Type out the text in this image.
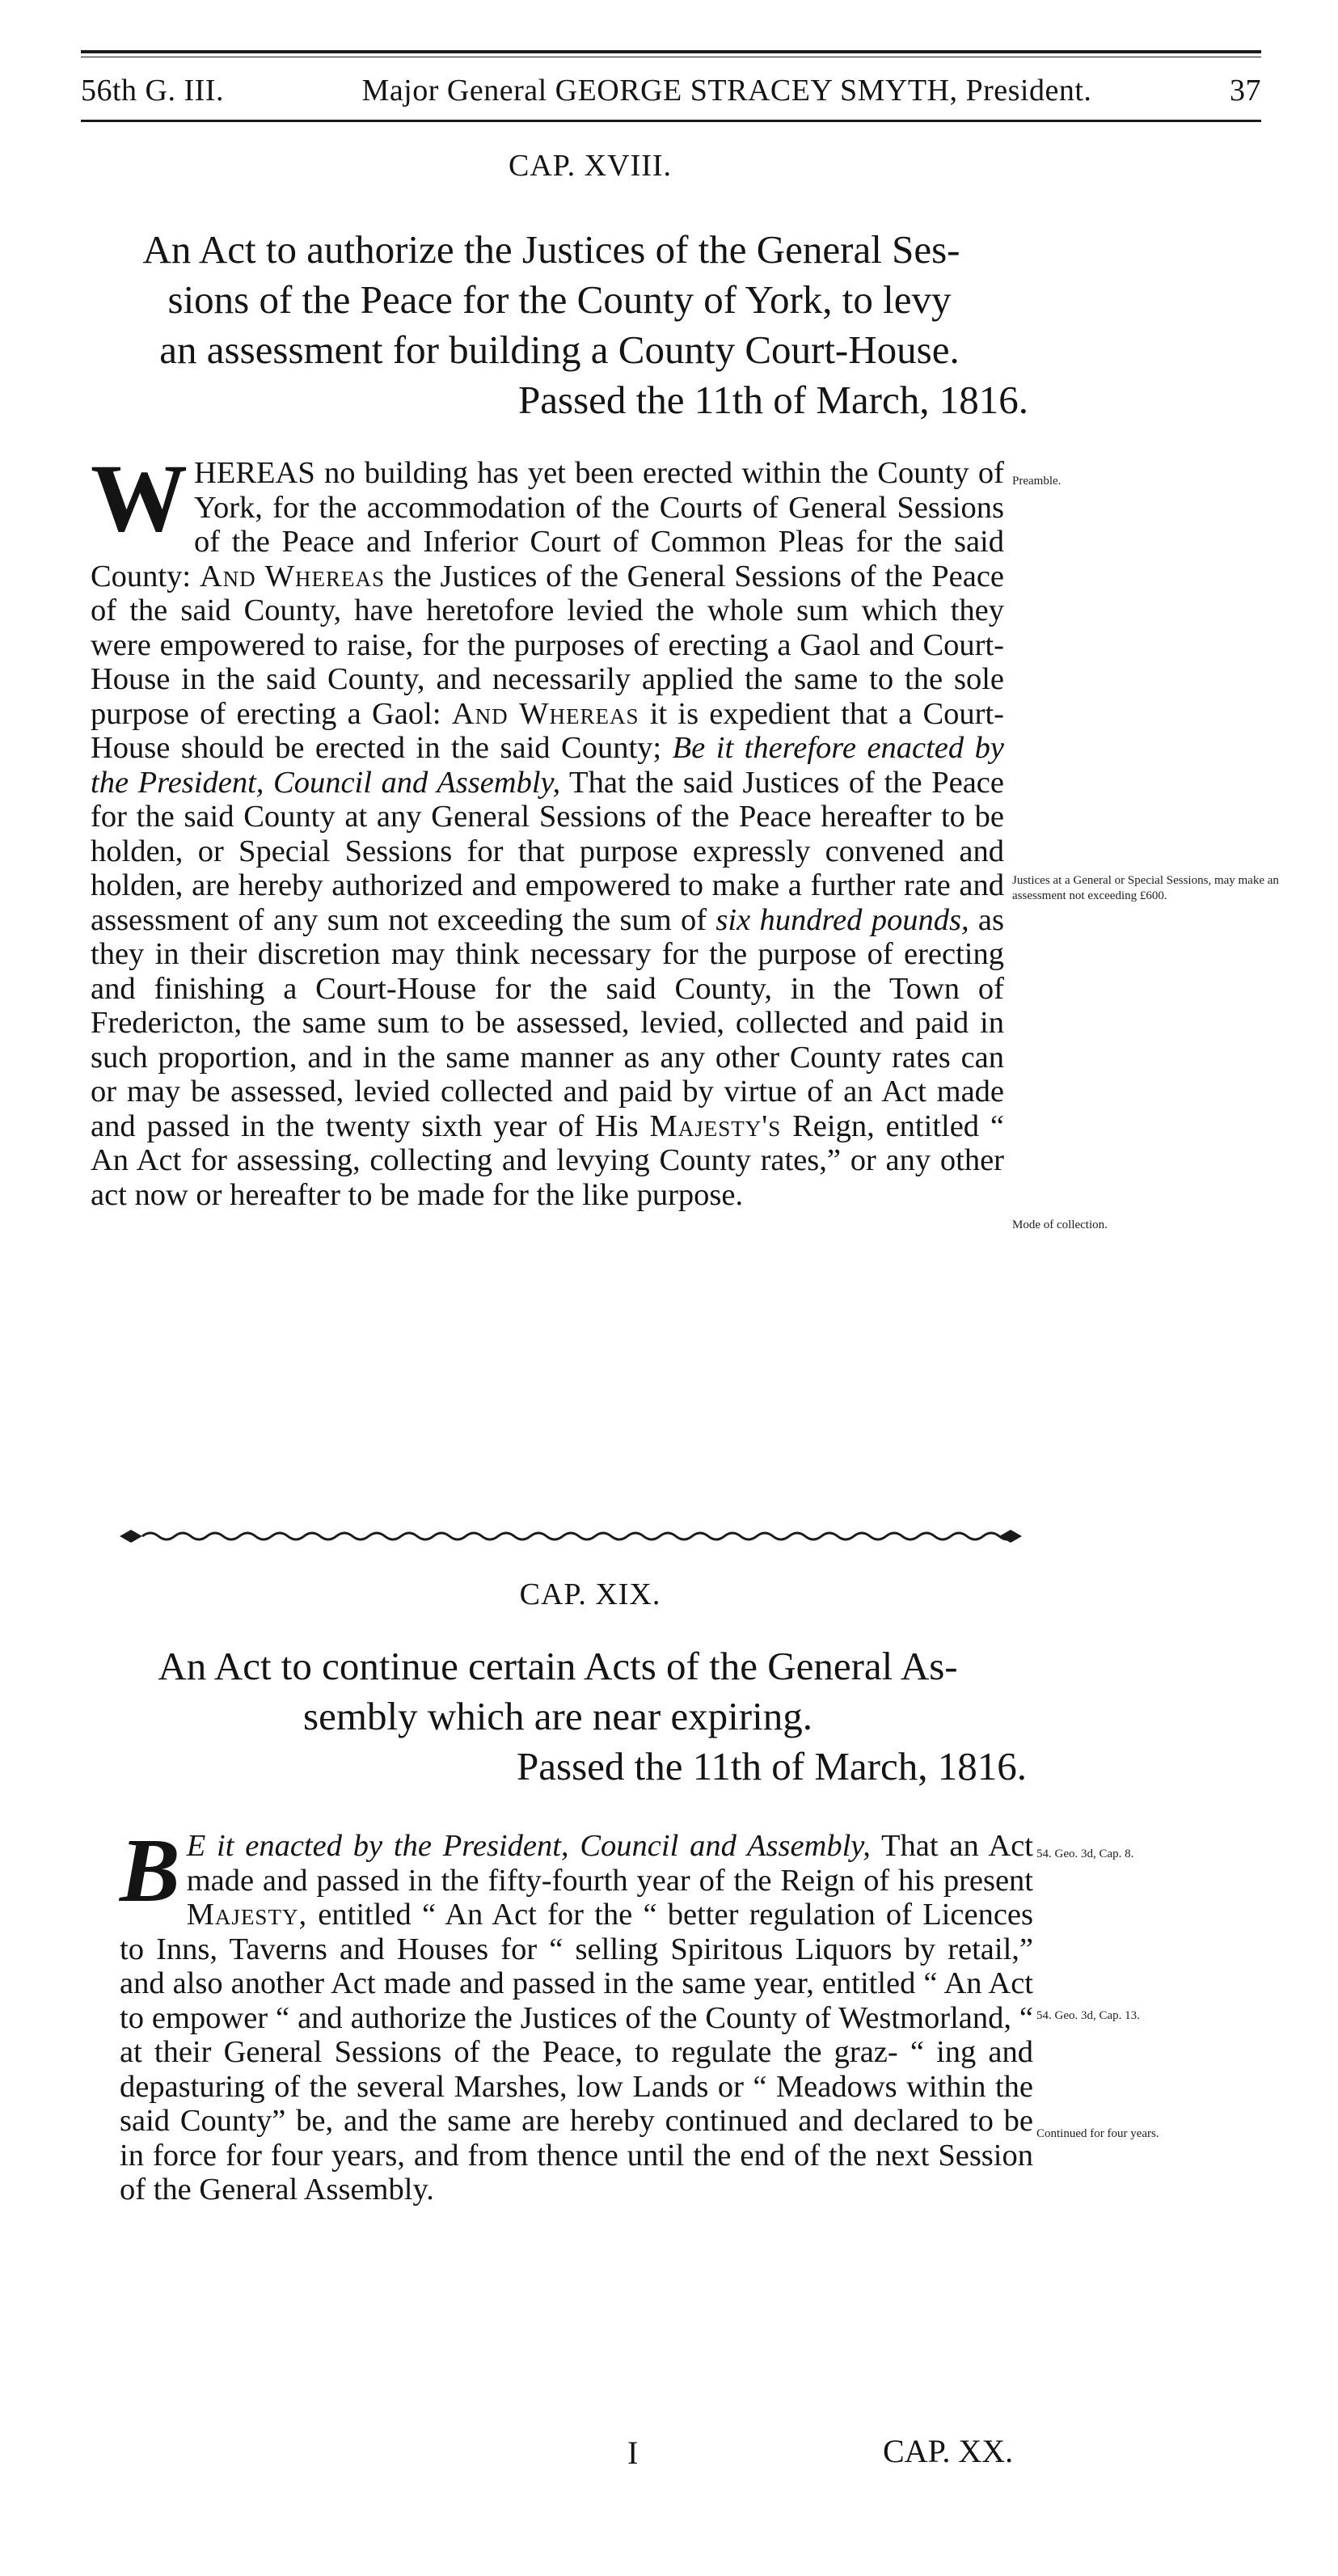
56th G. III.	Major General GEORGE STRACEY SMYTH, President.	37
CAP. XVIII.
An Act to authorize the Justices of the General Ses-
sions of the Peace for the County of York, to levy
an assessment for building a County Court-House.
Passed the 11th of March, 1816.
WHEREAS no building has yet been erected within the County of York, for the accommodation of the Courts of General Sessions of the Peace and Inferior Court of Common Pleas for the said County: And Whereas the Justices of the General Sessions of the Peace of the said County, have heretofore levied the whole sum which they were empowered to raise, for the purposes of erecting a Gaol and Court-House in the said County, and necessarily applied the same to the sole purpose of erecting a Gaol: And Whereas it is expedient that a Court-House should be erected in the said County; Be it therefore enacted by the President, Council and Assembly, That the said Justices of the Peace for the said County at any General Sessions of the Peace hereafter to be holden, or Special Sessions for that purpose expressly convened and holden, are hereby authorized and empowered to make a further rate and assessment of any sum not exceeding the sum of six hundred pounds, as they in their discretion may think necessary for the purpose of erecting and finishing a Court-House for the said County, in the Town of Fredericton, the same sum to be assessed, levied, collected and paid in such proportion, and in the same manner as any other County rates can or may be assessed, levied collected and paid by virtue of an Act made and passed in the twenty sixth year of His Majesty's Reign, entitled “ An Act for assessing, collecting and levying County rates,” or any other act now or hereafter to be made for the like purpose.
Preamble.
Justices at a General or Special Sessions, may make an assessment not exceeding £600.
Mode of collection.
CAP. XIX.
An Act to continue certain Acts of the General As-
sembly which are near expiring.
Passed the 11th of March, 1816.
B E it enacted by the President, Council and Assembly, That an Act made and passed in the fifty-fourth year of the Reign of his present Majesty, entitled “ An Act for the “ better regulation of Licences to Inns, Taverns and Houses for “ selling Spiritous Liquors by retail,” and also another Act made and passed in the same year, entitled “ An Act to empower “ and authorize the Justices of the County of Westmorland, “ at their General Sessions of the Peace, to regulate the graz- “ ing and depasturing of the several Marshes, low Lands or “ Meadows within the said County” be, and the same are hereby continued and declared to be in force for four years, and from thence until the end of the next Session of the General Assembly.
54. Geo. 3d, Cap. 8.
54. Geo. 3d, Cap. 13.
Continued for four years.
I	CAP. XX.
